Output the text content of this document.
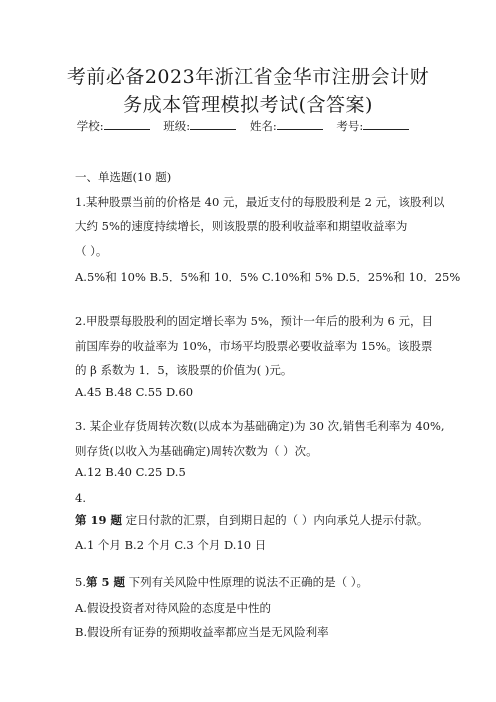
考前必备2023年浙江省金华市注册会计财
务成本管理模拟考试(含答案)
学校:	班级:	姓名:	考号:
一、单选题(10 题)
1.某种股票当前的价格是 40 元，最近支付的每股股利是 2 元，该股利以
大约 5%的速度持续增长，则该股票的股利收益率和期望收益率为
（ ）。
A.5%和 10% B.5．5%和 10．5% C.10%和 5% D.5．25%和 10．25%
2.甲股票每股股利的固定增长率为 5%，预计一年后的股利为 6 元，目
前国库券的收益率为 10%，市场平均股票必要收益率为 15%。该股票
的 β 系数为 1．5，该股票的价值为( )元。
A.45 B.48 C.55 D.60
3. 某企业存货周转次数(以成本为基础确定)为 30 次,销售毛利率为 40%,
则存货(以收入为基础确定)周转次数为（ ）次。
A.12 B.40 C.25 D.5
4.
第 19 题 定日付款的汇票，自到期日起的（ ）内向承兑人提示付款。
A.1 个月 B.2 个月 C.3 个月 D.10 日
5.第 5 题 下列有关风险中性原理的说法不正确的是（ ）。
A.假设投资者对待风险的态度是中性的
B.假设所有证券的预期收益率都应当是无风险利率
